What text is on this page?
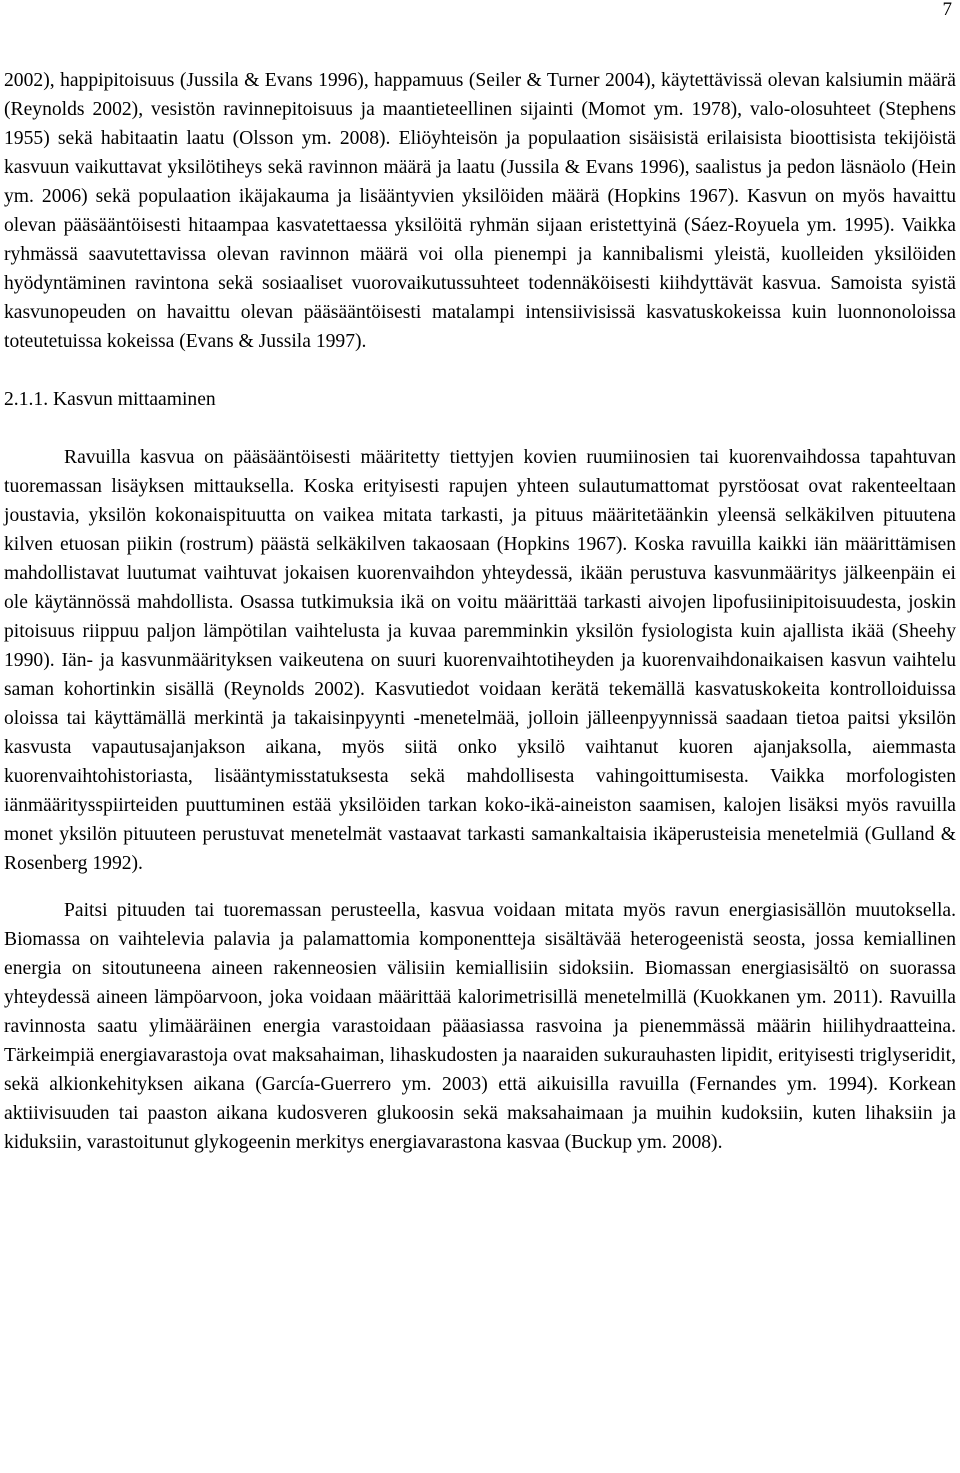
7

2002), happipitoisuus (Jussila & Evans 1996), happamuus (Seiler & Turner 2004), käytettävissä olevan kalsiumin määrä (Reynolds 2002), vesistön ravinnepitoisuus ja maantieteellinen sijainti (Momot ym. 1978), valo-olosuhteet (Stephens 1955) sekä habitaatin laatu (Olsson ym. 2008). Eliöyhteisön ja populaation sisäisistä erilaisista bioottisista tekijöistä kasvuun vaikuttavat yksilötiheys sekä ravinnon määrä ja laatu (Jussila & Evans 1996), saalistus ja pedon läsnäolo (Hein ym. 2006) sekä populaation ikäjakauma ja lisääntyvien yksilöiden määrä (Hopkins 1967). Kasvun on myös havaittu olevan pääsääntöisesti hitaampaa kasvatettaessa yksilöitä ryhmän sijaan eristettyinä (Sáez-Royuela ym. 1995). Vaikka ryhmässä saavutettavissa olevan ravinnon määrä voi olla pienempi ja kannibalismi yleistä, kuolleiden yksilöiden hyödyntäminen ravintona sekä sosiaaliset vuorovaikutussuhteet todennäköisesti kiihdyttävät kasvua. Samoista syistä kasvunopeuden on havaittu olevan pääsääntöisesti matalampi intensiivisissä kasvatuskokeissa kuin luonnonoloissa toteutetuissa kokeissa (Evans & Jussila 1997).

2.1.1. Kasvun mittaaminen

Ravuilla kasvua on pääsääntöisesti määritetty tiettyjen kovien ruumiinosien tai kuorenvaihdossa tapahtuvan tuoremassan lisäyksen mittauksella. Koska erityisesti rapujen yhteen sulautumattomat pyrstöosat ovat rakenteeltaan joustavia, yksilön kokonaispituutta on vaikea mitata tarkasti, ja pituus määritetäänkin yleensä selkäkilven pituutena kilven etuosan piikin (rostrum) päästä selkäkilven takaosaan (Hopkins 1967). Koska ravuilla kaikki iän määrittämisen mahdollistavat luutumat vaihtuvat jokaisen kuorenvaihdon yhteydessä, ikään perustuva kasvunmääritys jälkeenpäin ei ole käytännössä mahdollista. Osassa tutkimuksia ikä on voitu määrittää tarkasti aivojen lipofusiinipitoisuudesta, joskin pitoisuus riippuu paljon lämpötilan vaihtelusta ja kuvaa paremminkin yksilön fysiologista kuin ajallista ikää (Sheehy 1990). Iän- ja kasvunmäärityksen vaikeutena on suuri kuorenvaihtotiheyden ja kuorenvaihdonaikaisen kasvun vaihtelu saman kohortinkin sisällä (Reynolds 2002). Kasvutiedot voidaan kerätä tekemällä kasvatuskokeita kontrolloiduissa oloissa tai käyttämällä merkintä ja takaisinpyynti -menetelmää, jolloin jälleenpyynnissä saadaan tietoa paitsi yksilön kasvusta vapautusajanjakson aikana, myös siitä onko yksilö vaihtanut kuoren ajanjaksolla, aiemmasta kuorenvaihtohistoriasta, lisääntymisstatuksesta sekä mahdollisesta vahingoittumisesta. Vaikka morfologisten iänmääritysspiirteiden puuttuminen estää yksilöiden tarkan koko-ikä-aineiston saamisen, kalojen lisäksi myös ravuilla monet yksilön pituuteen perustuvat menetelmät vastaavat tarkasti samankaltaisia ikäperusteisia menetelmiä (Gulland & Rosenberg 1992).

Paitsi pituuden tai tuoremassan perusteella, kasvua voidaan mitata myös ravun energiasisällön muutoksella. Biomassa on vaihtelevia palavia ja palamattomia komponentteja sisältävää heterogeenistä seosta, jossa kemiallinen energia on sitoutuneena aineen rakenneosien välisiin kemiallisiin sidoksiin. Biomassan energiasisältö on suorassa yhteydessä aineen lämpöarvoon, joka voidaan määrittää kalorimetrisillä menetelmillä (Kuokkanen ym. 2011). Ravuilla ravinnosta saatu ylimääräinen energia varastoidaan pääasiassa rasvoina ja pienemmässä määrin hiilihydraatteina. Tärkeimpiä energiavarastoja ovat maksahaiman, lihaskudosten ja naaraiden sukurauhasten lipidit, erityisesti triglyseridit, sekä alkionkehityksen aikana (García-Guerrero ym. 2003) että aikuisilla ravuilla (Fernandes ym. 1994). Korkean aktiivisuuden tai paaston aikana kudosveren glukoosin sekä maksahaimaan ja muihin kudoksiin, kuten lihaksiin ja kiduksiin, varastoitunut glykogeenin merkitys energiavarastona kasvaa (Buckup ym. 2008).
